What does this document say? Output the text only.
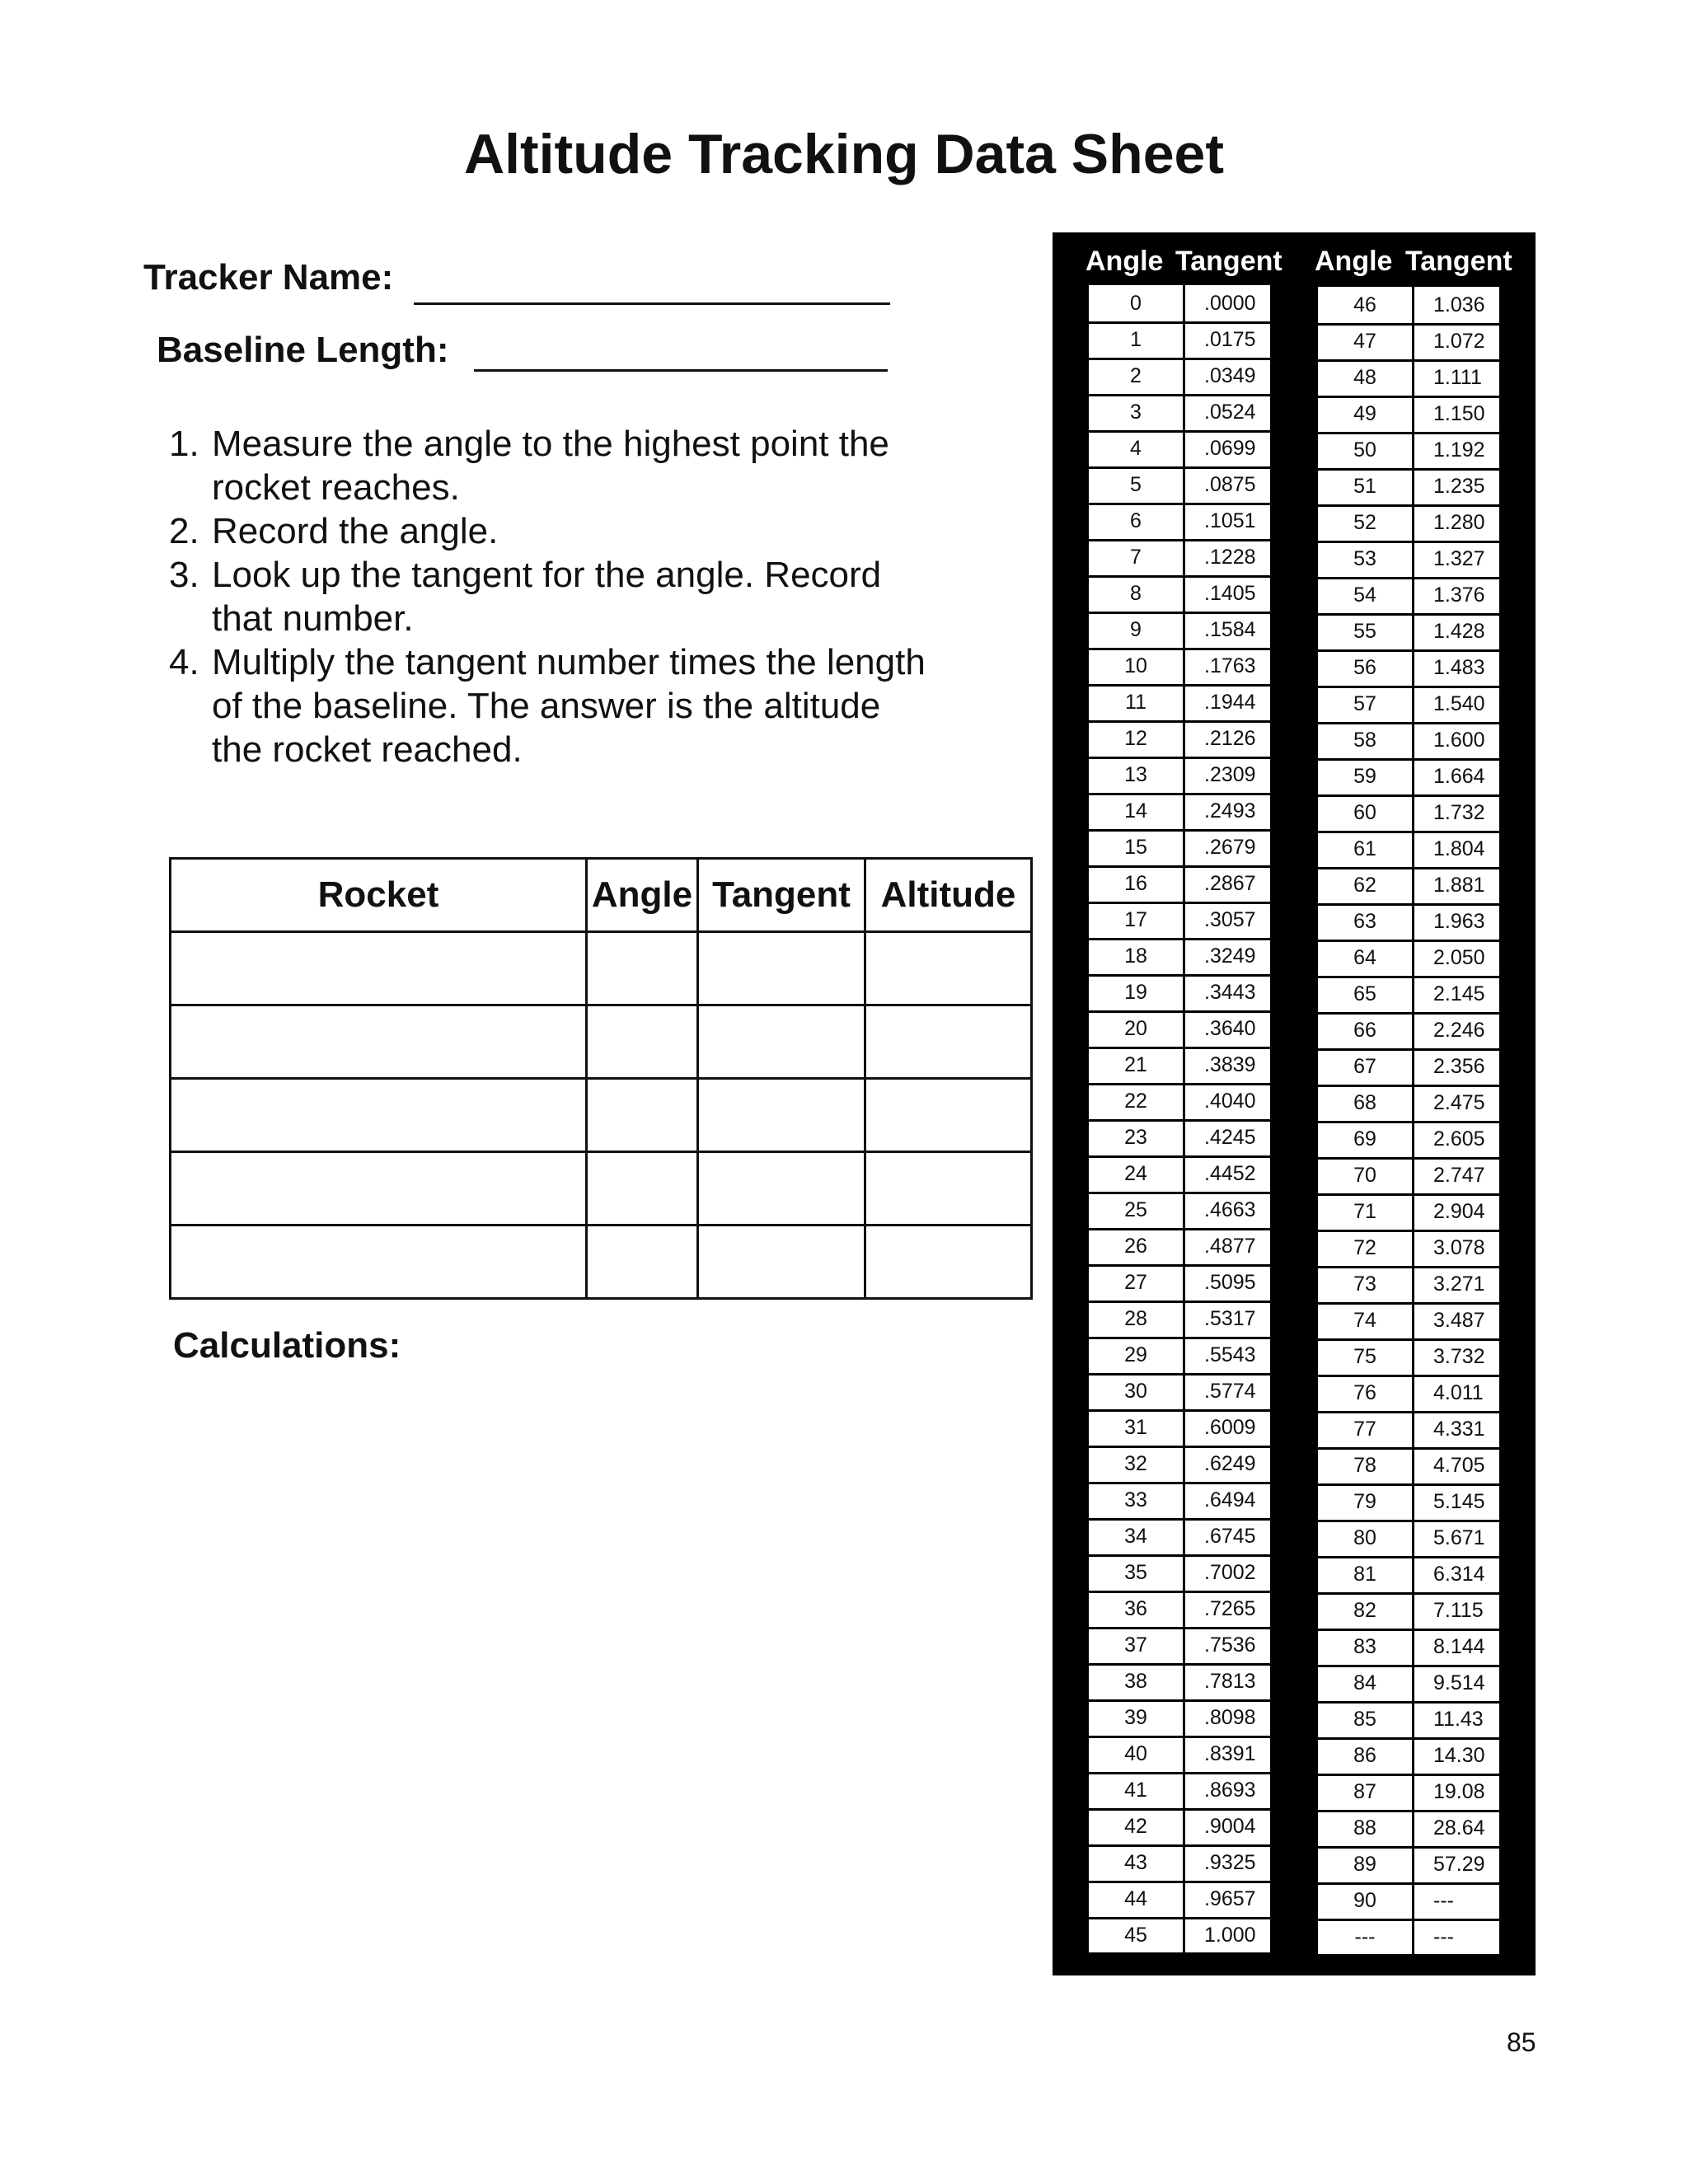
Altitude Tracking Data Sheet
Tracker Name:
Baseline Length:
1. Measure the angle to the highest point the rocket reaches.
2. Record the angle.
3. Look up the tangent for the angle. Record that number.
4. Multiply the tangent number times the length of the baseline. The answer is the altitude the rocket reached.
Rocket	Angle	Tangent	Altitude

Calculations:
Angle Tangent Angle Tangent
0	.0000
1	.0175
2	.0349
3	.0524
4	.0699
5	.0875
6	.1051
7	.1228
8	.1405
9	.1584
10	.1763
11	.1944
12	.2126
13	.2309
14	.2493
15	.2679
16	.2867
17	.3057
18	.3249
19	.3443
20	.3640
21	.3839
22	.4040
23	.4245
24	.4452
25	.4663
26	.4877
27	.5095
28	.5317
29	.5543
30	.5774
31	.6009
32	.6249
33	.6494
34	.6745
35	.7002
36	.7265
37	.7536
38	.7813
39	.8098
40	.8391
41	.8693
42	.9004
43	.9325
44	.9657
45	1.000
46	1.036
47	1.072
48	1.111
49	1.150
50	1.192
51	1.235
52	1.280
53	1.327
54	1.376
55	1.428
56	1.483
57	1.540
58	1.600
59	1.664
60	1.732
61	1.804
62	1.881
63	1.963
64	2.050
65	2.145
66	2.246
67	2.356
68	2.475
69	2.605
70	2.747
71	2.904
72	3.078
73	3.271
74	3.487
75	3.732
76	4.011
77	4.331
78	4.705
79	5.145
80	5.671
81	6.314
82	7.115
83	8.144
84	9.514
85	11.43
86	14.30
87	19.08
88	28.64
89	57.29
90	---
---	---
85
